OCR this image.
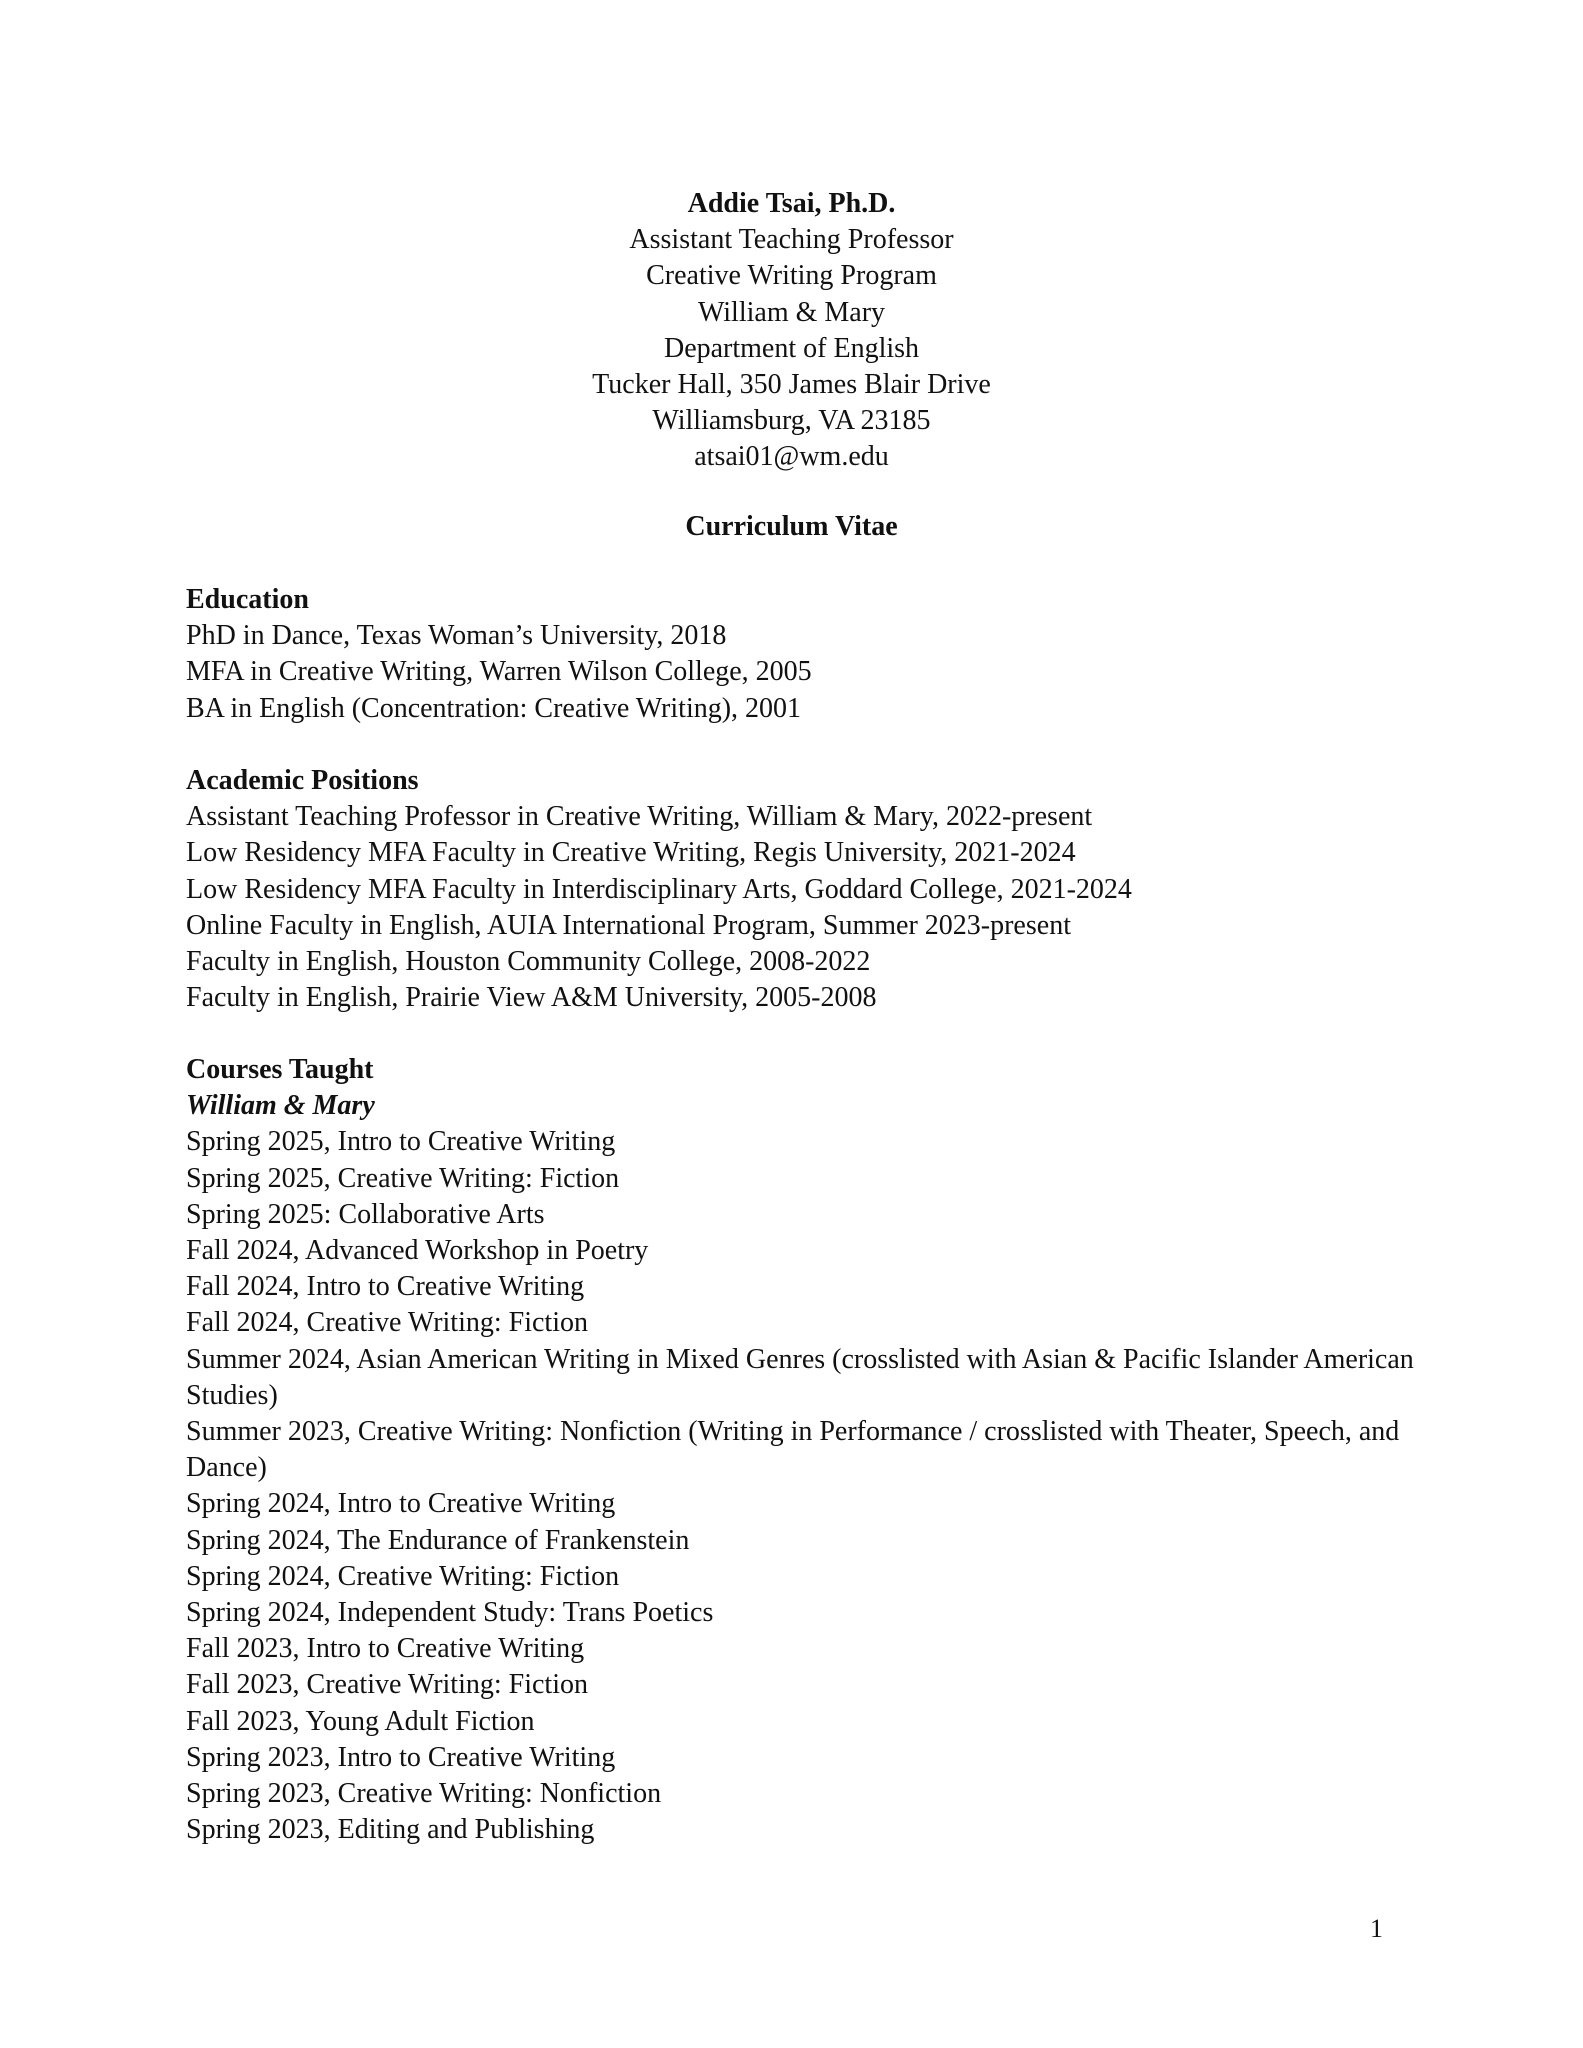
Addie Tsai, Ph.D.
Assistant Teaching Professor
Creative Writing Program
William & Mary
Department of English
Tucker Hall, 350 James Blair Drive
Williamsburg, VA 23185
atsai01@wm.edu
Curriculum Vitae
Education
PhD in Dance, Texas Woman’s University, 2018
MFA in Creative Writing, Warren Wilson College, 2005
BA in English (Concentration: Creative Writing), 2001
Academic Positions
Assistant Teaching Professor in Creative Writing, William & Mary, 2022-present
Low Residency MFA Faculty in Creative Writing, Regis University, 2021-2024
Low Residency MFA Faculty in Interdisciplinary Arts, Goddard College, 2021-2024
Online Faculty in English, AUIA International Program, Summer 2023-present
Faculty in English, Houston Community College, 2008-2022
Faculty in English, Prairie View A&M University, 2005-2008
Courses Taught
William & Mary
Spring 2025, Intro to Creative Writing
Spring 2025, Creative Writing: Fiction
Spring 2025: Collaborative Arts
Fall 2024, Advanced Workshop in Poetry
Fall 2024, Intro to Creative Writing
Fall 2024, Creative Writing: Fiction
Summer 2024, Asian American Writing in Mixed Genres (crosslisted with Asian & Pacific Islander American Studies)
Summer 2023, Creative Writing: Nonfiction (Writing in Performance / crosslisted with Theater, Speech, and Dance)
Spring 2024, Intro to Creative Writing
Spring 2024, The Endurance of Frankenstein
Spring 2024, Creative Writing: Fiction
Spring 2024, Independent Study: Trans Poetics
Fall 2023, Intro to Creative Writing
Fall 2023, Creative Writing: Fiction
Fall 2023, Young Adult Fiction
Spring 2023, Intro to Creative Writing
Spring 2023, Creative Writing: Nonfiction
Spring 2023, Editing and Publishing
1
